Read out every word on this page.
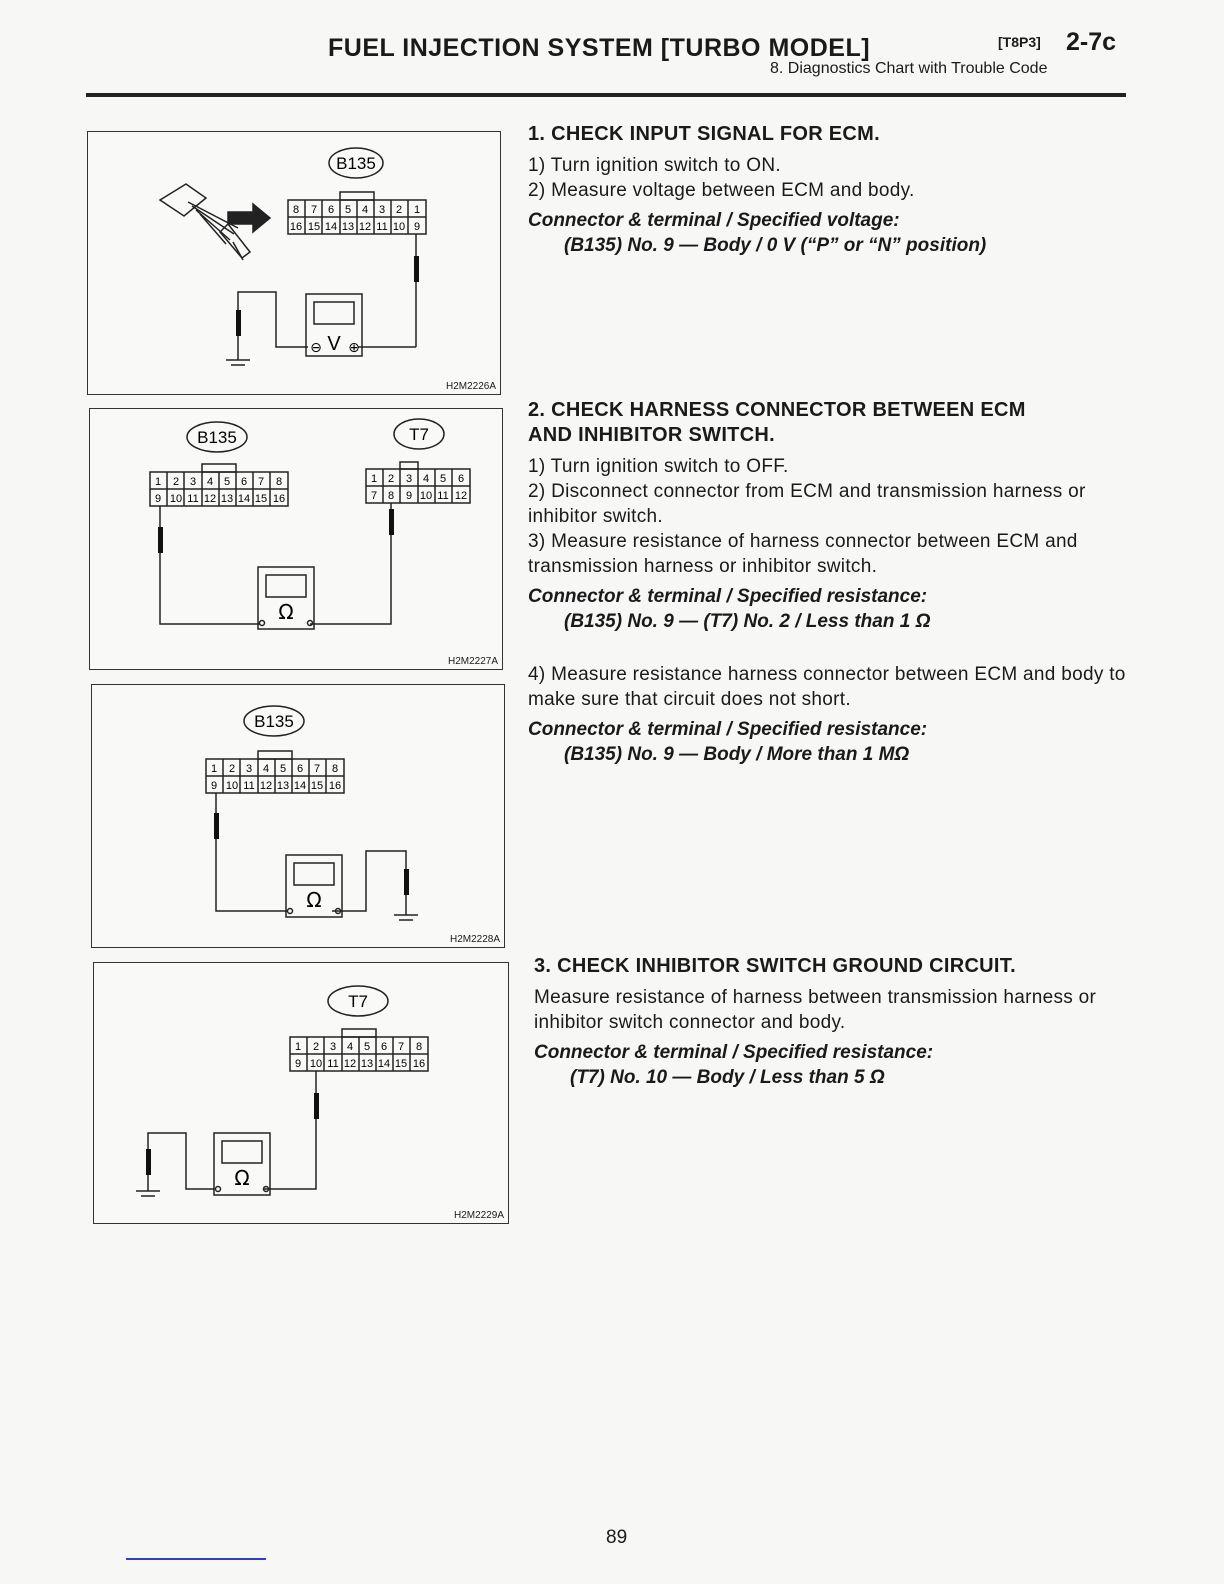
FUEL INJECTION SYSTEM [TURBO MODEL]	[T8P3] 2-7c
8. Diagnostics Chart with Trouble Code
B135
8 7 6 5 4 3 2 1
16 15 14 13 12 11 10 9
V
⊖ ⊕
H2M2226A
B135	T7
1 2 3 4 5 6 7 8
9 10 11 12 13 14 15 16
1 2 3 4 5 6
7 8 9 10 11 12
Ω
H2M2227A
B135
1 2 3 4 5 6 7 8
9 10 11 12 13 14 15 16
Ω
H2M2228A
T7
1 2 3 4 5 6 7 8
9 10 11 12 13 14 15 16
Ω
H2M2229A
1. CHECK INPUT SIGNAL FOR ECM.
1) Turn ignition switch to ON.
2) Measure voltage between ECM and body.
Connector & terminal / Specified voltage:
(B135) No. 9 — Body / 0 V (“P” or “N” position)
2. CHECK HARNESS CONNECTOR BETWEEN ECM
AND INHIBITOR SWITCH.
1) Turn ignition switch to OFF.
2) Disconnect connector from ECM and transmission harness or inhibitor switch.
3) Measure resistance of harness connector between ECM and transmission harness or inhibitor switch.
Connector & terminal / Specified resistance:
(B135) No. 9 — (T7) No. 2 / Less than 1 Ω
4) Measure resistance harness connector between ECM and body to make sure that circuit does not short.
Connector & terminal / Specified resistance:
(B135) No. 9 — Body / More than 1 MΩ
3. CHECK INHIBITOR SWITCH GROUND CIRCUIT.
Measure resistance of harness between transmission harness or inhibitor switch connector and body.
Connector & terminal / Specified resistance:
(T7) No. 10 — Body / Less than 5 Ω
89
